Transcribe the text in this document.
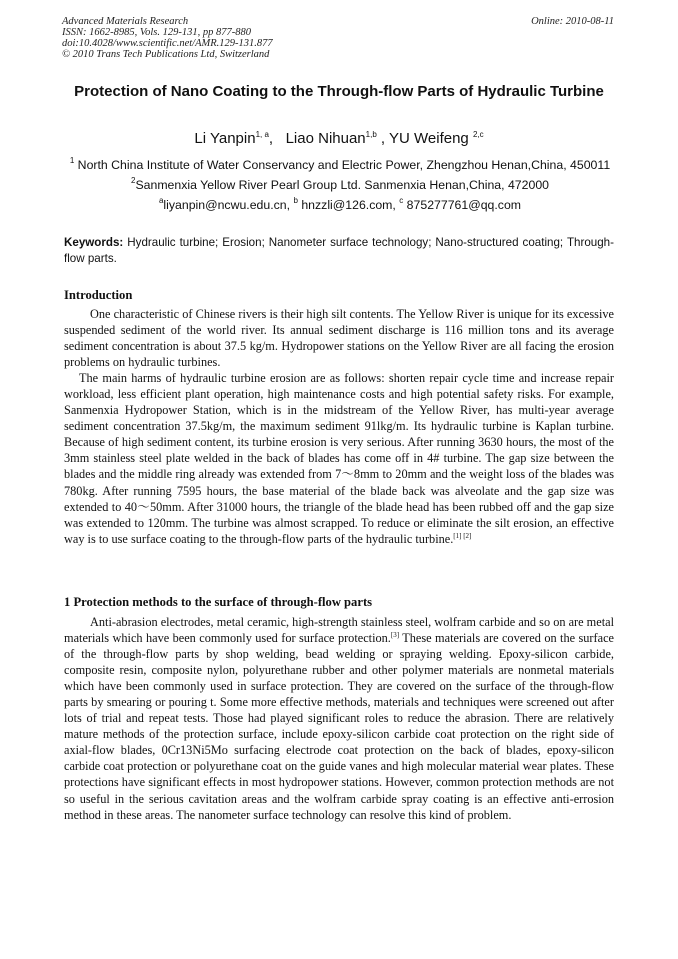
Advanced Materials Research
ISSN: 1662-8985, Vols. 129-131, pp 877-880
doi:10.4028/www.scientific.net/AMR.129-131.877
© 2010 Trans Tech Publications Ltd, Switzerland
Online: 2010-08-11
Protection of Nano Coating to the Through-flow Parts of Hydraulic Turbine
Li Yanpin$^{1, a}$,   Liao Nihuan$^{1,b}$ , YU Weifeng $^{2,c}$
$^1$ North China Institute of Water Conservancy and Electric Power, Zhengzhou Henan,China, 450011
$^2$Sanmenxia Yellow River Pearl Group Ltd. Sanmenxia Henan,China, 472000
$^a$liyanpin@ncwu.edu.cn, $^b$ hnzzli@126.com, $^c$ 875277761@qq.com
Keywords: Hydraulic turbine; Erosion; Nanometer surface technology; Nano-structured coating; Through-flow parts.
Introduction

One characteristic of Chinese rivers is their high silt contents. The Yellow River is unique for its excessive suspended sediment of the world river. Its annual sediment discharge is 116 million tons and its average sediment concentration is about 37.5 kg/m. Hydropower stations on the Yellow River are all facing the erosion problems on hydraulic turbines.

The main harms of hydraulic turbine erosion are as follows: shorten repair cycle time and increase repair workload, less efficient plant operation, high maintenance costs and high potential safety risks. For example, Sanmenxia Hydropower Station, which is in the midstream of the Yellow River, has multi-year average sediment concentration 37.5kg/m, the maximum sediment 91lkg/m. Its hydraulic turbine is Kaplan turbine. Because of high sediment content, its turbine erosion is very serious. After running 3630 hours, the most of the 3mm stainless steel plate welded in the back of blades has come off in 4# turbine. The gap size between the blades and the middle ring already was extended from 7～8mm to 20mm and the weight loss of the blades was 780kg. After running 7595 hours, the base material of the blade back was alveolate and the gap size was extended to 40～50mm. After 31000 hours, the triangle of the blade head has been rubbed off and the gap size was extended to 120mm. The turbine was almost scrapped. To reduce or eliminate the silt erosion, an effective way is to use surface coating to the through-flow parts of the hydraulic turbine.[1] [2]

1 Protection methods to the surface of through-flow parts

Anti-abrasion electrodes, metal ceramic, high-strength stainless steel, wolfram carbide and so on are metal materials which have been commonly used for surface protection.[3] These materials are covered on the surface of the through-flow parts by shop welding, bead welding or spraying welding. Epoxy-silicon carbide, composite resin, composite nylon, polyurethane rubber and other polymer materials are nonmetal materials which have been commonly used in surface protection. They are covered on the surface of the through-flow parts by smearing or pouring t. Some more effective methods, materials and techniques were screened out after lots of trial and repeat tests. Those had played significant roles to reduce the abrasion. There are relatively mature methods of the protection surface, include epoxy-silicon carbide coat protection on the right side of axial-flow blades, 0Cr13Ni5Mo surfacing electrode coat protection on the back of blades, epoxy-silicon carbide coat protection or polyurethane coat on the guide vanes and high molecular material wear plates. These protections have significant effects in most hydropower stations. However, common protection methods are not so useful in the serious cavitation areas and the wolfram carbide spray coating is an effective anti-errosion method in these areas. The nanometer surface technology can resolve this kind of problem.
